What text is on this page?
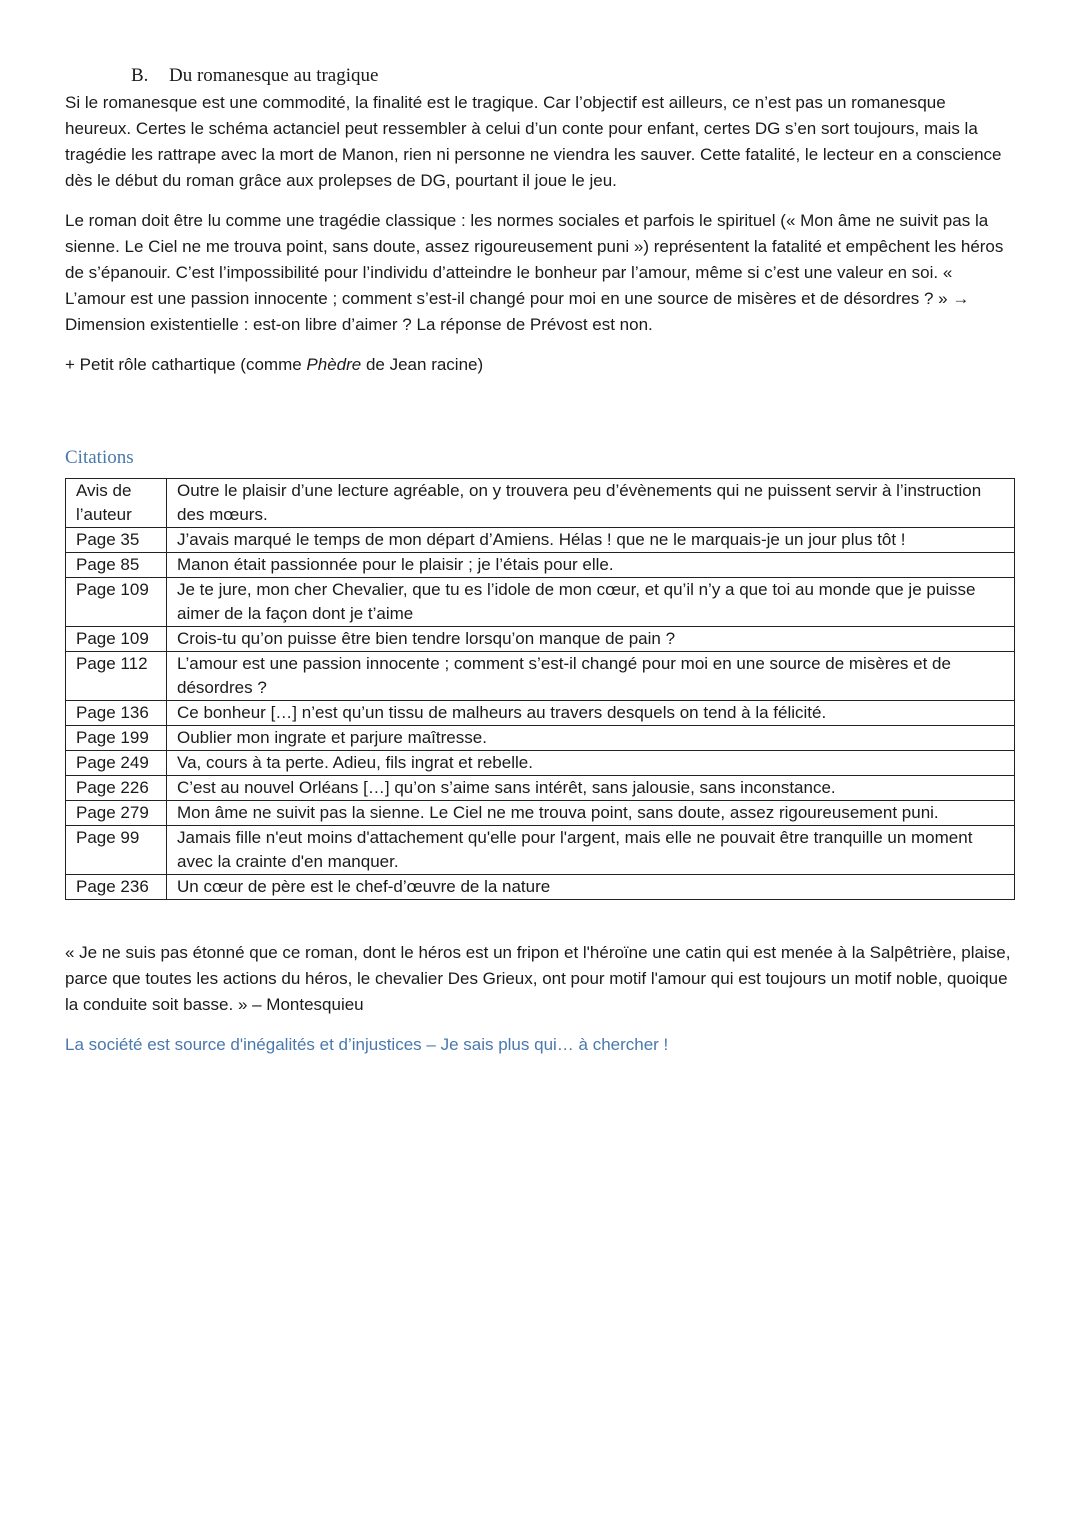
B. Du romanesque au tragique

Si le romanesque est une commodité, la finalité est le tragique. Car l’objectif est ailleurs, ce n’est pas un romanesque heureux. Certes le schéma actanciel peut ressembler à celui d’un conte pour enfant, certes DG s’en sort toujours, mais la tragédie les rattrape avec la mort de Manon, rien ni personne ne viendra les sauver. Cette fatalité, le lecteur en a conscience dès le début du roman grâce aux prolepses de DG, pourtant il joue le jeu.

Le roman doit être lu comme une tragédie classique : les normes sociales et parfois le spirituel (« Mon âme ne suivit pas la sienne. Le Ciel ne me trouva point, sans doute, assez rigoureusement puni ») représentent la fatalité et empêchent les héros de s’épanouir. C’est l’impossibilité pour l’individu d’atteindre le bonheur par l’amour, même si c’est une valeur en soi. « L’amour est une passion innocente ; comment s’est-il changé pour moi en une source de misères et de désordres ? » → Dimension existentielle : est-on libre d’aimer ? La réponse de Prévost est non.

+ Petit rôle cathartique (comme Phèdre de Jean racine)

Citations
Avis de l’auteur	Outre le plaisir d’une lecture agréable, on y trouvera peu d’évènements qui ne puissent servir à l’instruction des mœurs.
Page 35	J’avais marqué le temps de mon départ d’Amiens. Hélas ! que ne le marquais-je un jour plus tôt !
Page 85	Manon était passionnée pour le plaisir ; je l’étais pour elle.
Page 109	Je te jure, mon cher Chevalier, que tu es l’idole de mon cœur, et qu’il n’y a que toi au monde que je puisse aimer de la façon dont je t’aime
Page 109	Crois-tu qu’on puisse être bien tendre lorsqu’on manque de pain ?
Page 112	L’amour est une passion innocente ; comment s’est-il changé pour moi en une source de misères et de désordres ?
Page 136	Ce bonheur […] n’est qu’un tissu de malheurs au travers desquels on tend à la félicité.
Page 199	Oublier mon ingrate et parjure maîtresse.
Page 249	Va, cours à ta perte. Adieu, fils ingrat et rebelle.
Page 226	C’est au nouvel Orléans […] qu’on s’aime sans intérêt, sans jalousie, sans inconstance.
Page 279	Mon âme ne suivit pas la sienne. Le Ciel ne me trouva point, sans doute, assez rigoureusement puni.
Page 99	Jamais fille n'eut moins d'attachement qu'elle pour l'argent, mais elle ne pouvait être tranquille un moment avec la crainte d'en manquer.
Page 236	Un cœur de père est le chef-d’œuvre de la nature

« Je ne suis pas étonné que ce roman, dont le héros est un fripon et l'héroïne une catin qui est menée à la Salpêtrière, plaise, parce que toutes les actions du héros, le chevalier Des Grieux, ont pour motif l'amour qui est toujours un motif noble, quoique la conduite soit basse. » – Montesquieu

La société est source d'inégalités et d’injustices – Je sais plus qui… à chercher !
